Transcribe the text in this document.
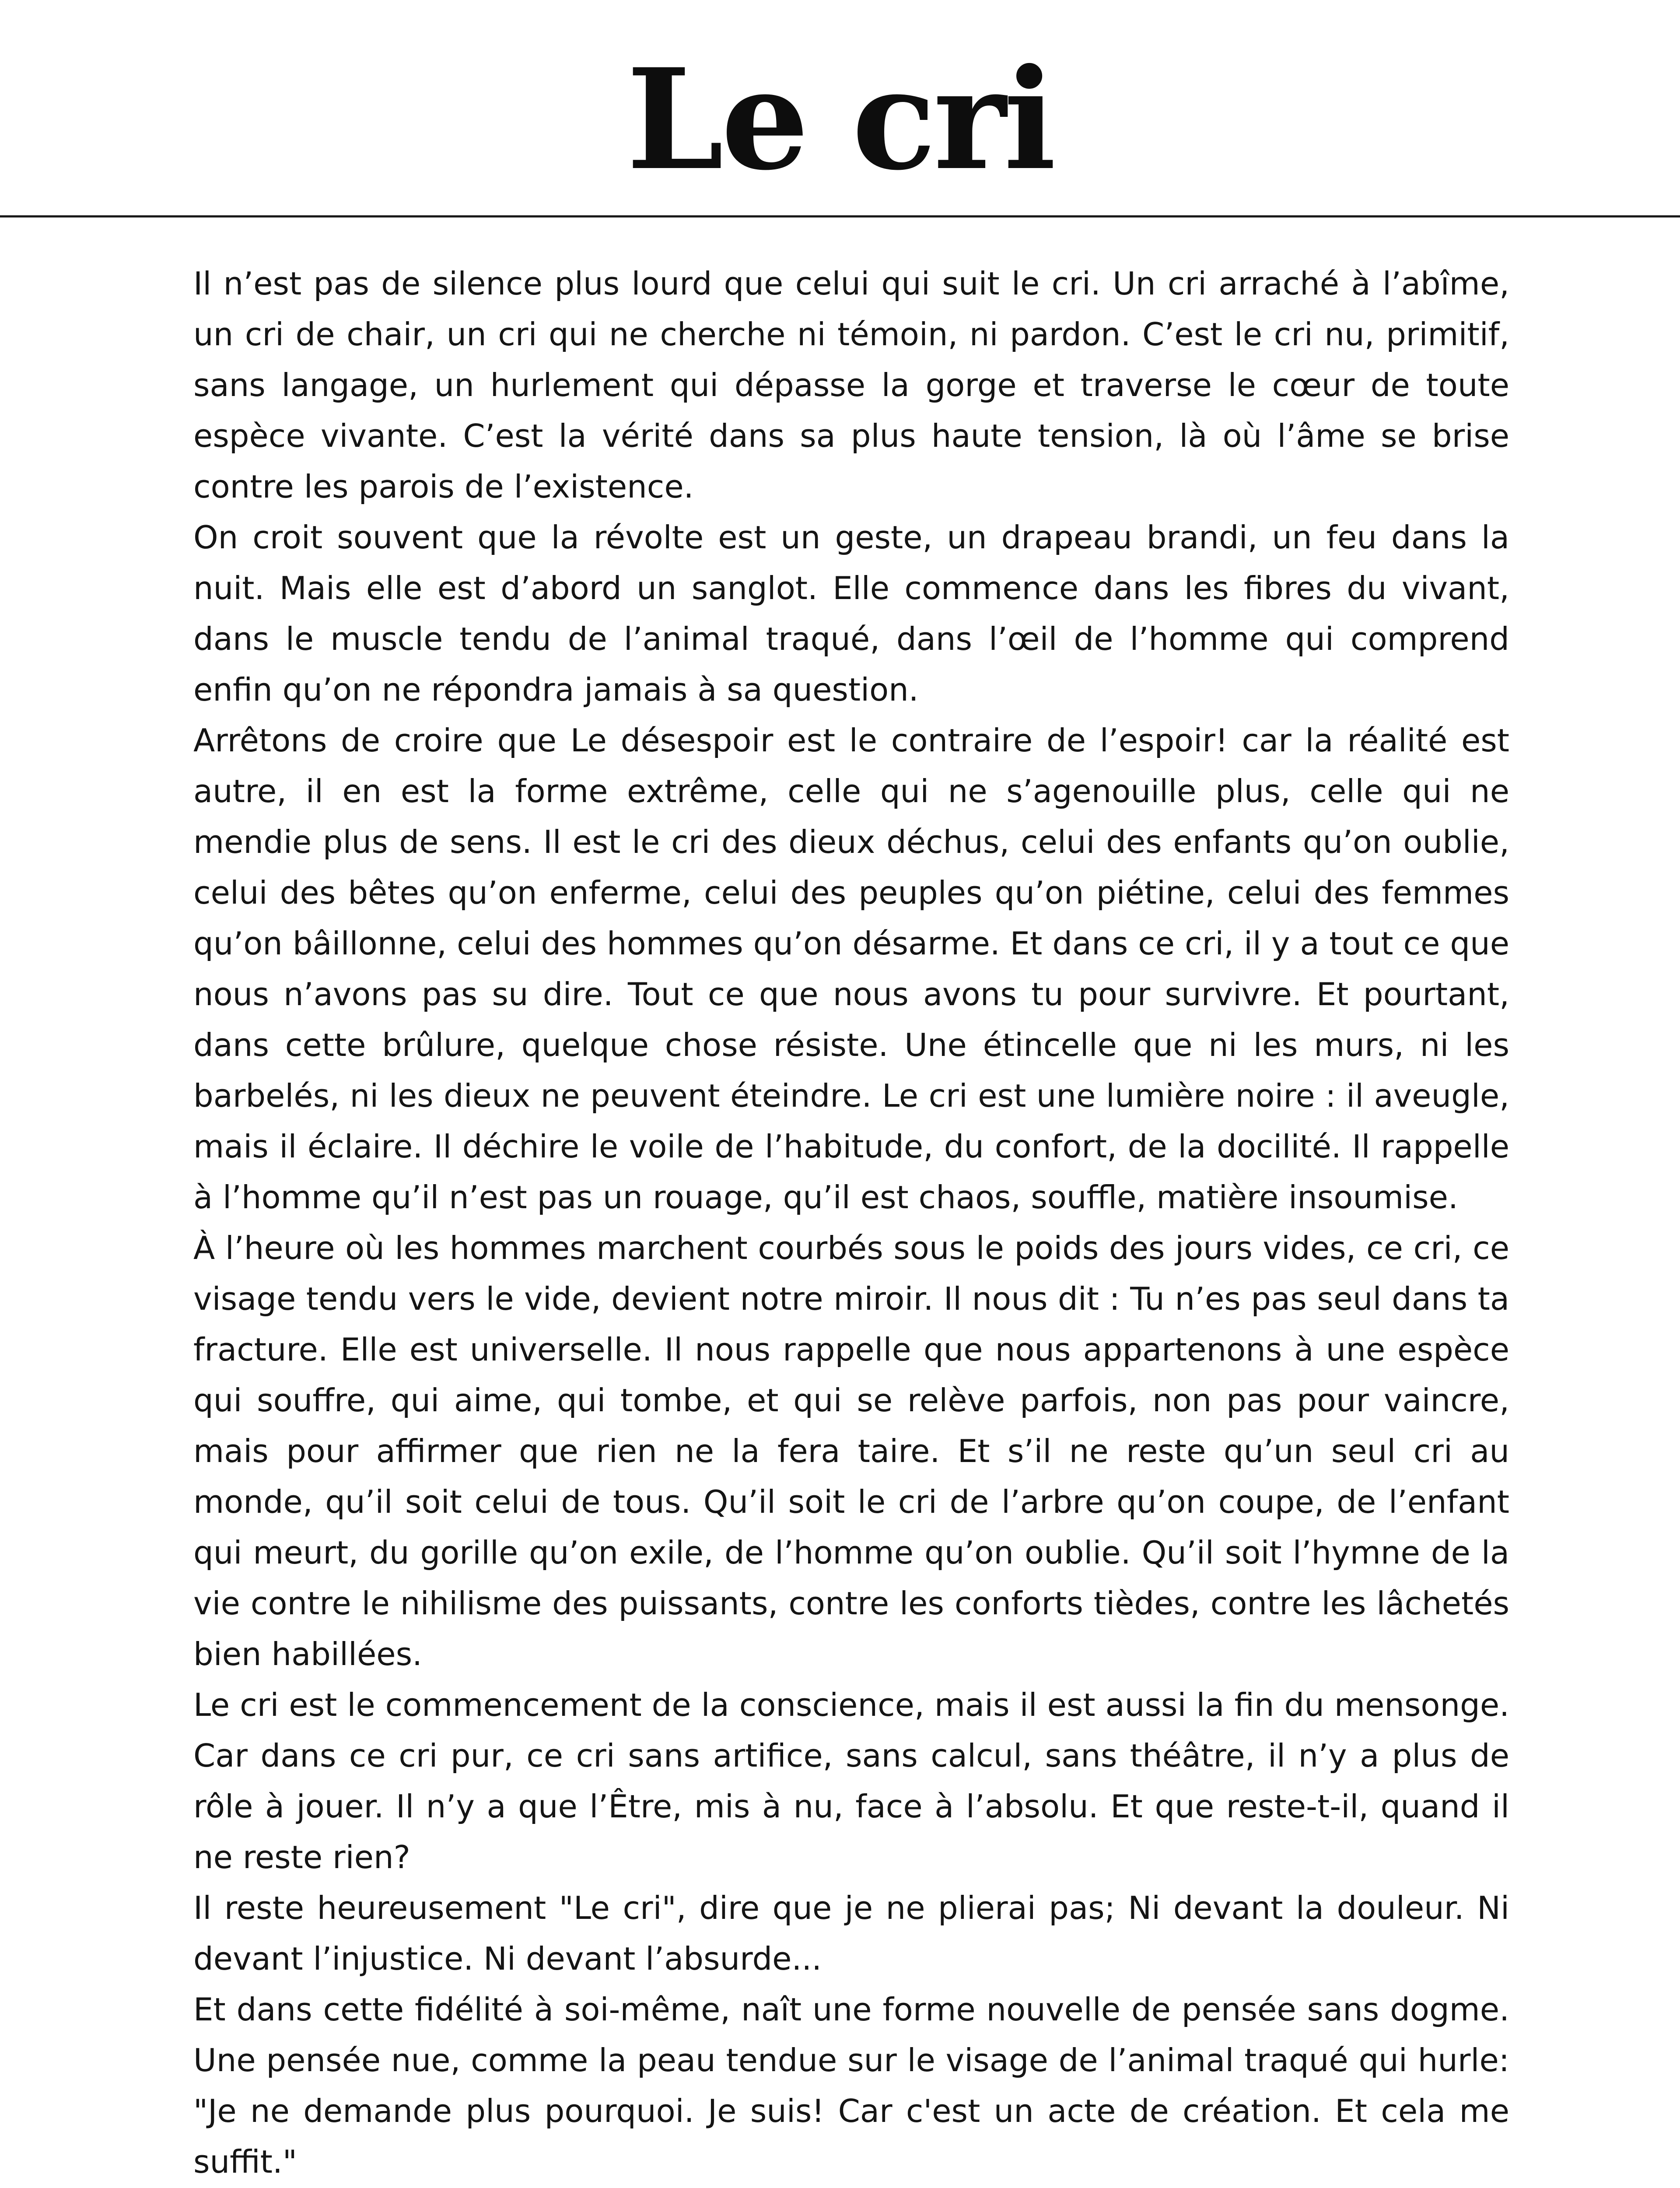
Le cri

Il n’est pas de silence plus lourd que celui qui suit le cri. Un cri arraché à l’abîme, un cri de chair, un cri qui ne cherche ni témoin, ni pardon. C’est le cri nu, primitif, sans langage, un hurlement qui dépasse la gorge et traverse le cœur de toute espèce vivante. C’est la vérité dans sa plus haute tension, là où l’âme se brise contre les parois de l’existence.

On croit souvent que la révolte est un geste, un drapeau brandi, un feu dans la nuit. Mais elle est d’abord un sanglot. Elle commence dans les fibres du vivant, dans le muscle tendu de l’animal traqué, dans l’œil de l’homme qui comprend enfin qu’on ne répondra jamais à sa question.

Arrêtons de croire que Le désespoir est le contraire de l’espoir! car la réalité est autre, il en est la forme extrême, celle qui ne s’agenouille plus, celle qui ne mendie plus de sens. Il est le cri des dieux déchus, celui des enfants qu’on oublie, celui des bêtes qu’on enferme, celui des peuples qu’on piétine, celui des femmes qu’on bâillonne, celui des hommes qu’on désarme. Et dans ce cri, il y a tout ce que nous n’avons pas su dire. Tout ce que nous avons tu pour survivre. Et pourtant, dans cette brûlure, quelque chose résiste. Une étincelle que ni les murs, ni les barbelés, ni les dieux ne peuvent éteindre. Le cri est une lumière noire : il aveugle, mais il éclaire. Il déchire le voile de l’habitude, du confort, de la docilité. Il rappelle à l’homme qu’il n’est pas un rouage, qu’il est chaos, souffle, matière insoumise.

À l’heure où les hommes marchent courbés sous le poids des jours vides, ce cri, ce visage tendu vers le vide, devient notre miroir. Il nous dit : Tu n’es pas seul dans ta fracture. Elle est universelle. Il nous rappelle que nous appartenons à une espèce qui souffre, qui aime, qui tombe, et qui se relève parfois, non pas pour vaincre, mais pour affirmer que rien ne la fera taire. Et s’il ne reste qu’un seul cri au monde, qu’il soit celui de tous. Qu’il soit le cri de l’arbre qu’on coupe, de l’enfant qui meurt, du gorille qu’on exile, de l’homme qu’on oublie. Qu’il soit l’hymne de la vie contre le nihilisme des puissants, contre les conforts tièdes, contre les lâchetés bien habillées.

Le cri est le commencement de la conscience, mais il est aussi la fin du mensonge. Car dans ce cri pur, ce cri sans artifice, sans calcul, sans théâtre, il n’y a plus de rôle à jouer. Il n’y a que l’Être, mis à nu, face à l’absolu. Et que reste-t-il, quand il ne reste rien?

Il reste heureusement "Le cri", dire que je ne plierai pas; Ni devant la douleur. Ni devant l’injustice. Ni devant l’absurde...

Et dans cette fidélité à soi-même, naît une forme nouvelle de pensée sans dogme. Une pensée nue, comme la peau tendue sur le visage de l’animal traqué qui hurle: "Je ne demande plus pourquoi. Je suis! Car c'est un acte de création. Et cela me suffit."
